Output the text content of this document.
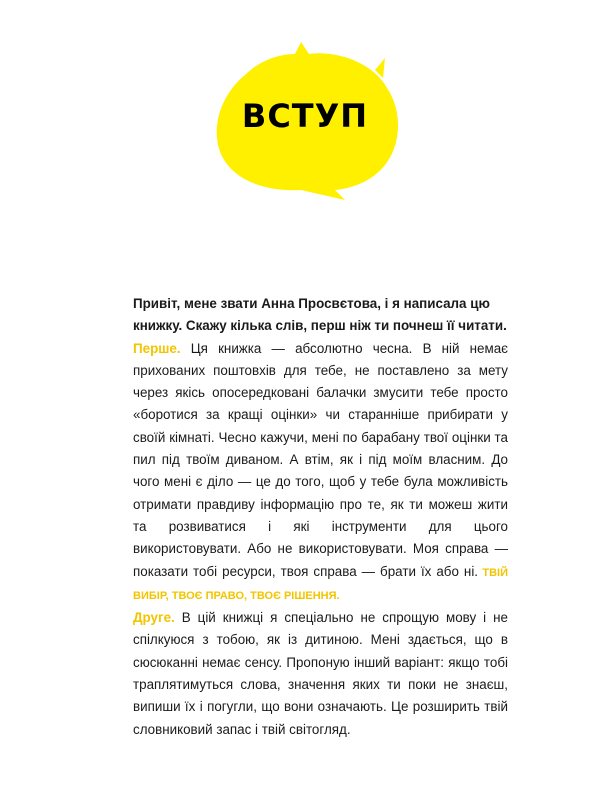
ВСТУП

Привіт, мене звати Анна Просвєтова, і я написала цю книжку. Скажу кілька слів, перш ніж ти почнеш її читати.

Перше. Ця книжка — абсолютно чесна. В ній немає прихованих поштовхів для тебе, не поставлено за мету через якісь опосередковані балачки змусити тебе просто «боротися за кращі оцінки» чи старанніше прибирати у своїй кімнаті. Чесно кажучи, мені по барабану твої оцінки та пил під твоїм диваном. А втім, як і під моїм власним. До чого мені є діло — це до того, щоб у тебе була можливість отримати правдиву інформацію про те, як ти можеш жити та розвиватися і які інструменти для цього використовувати. Або не використовувати. Моя справа — показати тобі ресурси, твоя справа — брати їх або ні. ТВІЙ ВИБІР, ТВОЄ ПРАВО, ТВОЄ РІШЕННЯ.

Друге. В цій книжці я спеціально не спрощую мову і не спілкуюся з тобою, як із дитиною. Мені здається, що в сюсюканні немає сенсу. Пропоную інший варіант: якщо тобі траплятимуться слова, значення яких ти поки не знаєш, випиши їх і погугли, що вони означають. Це розширить твій словниковий запас і твій світогляд.
